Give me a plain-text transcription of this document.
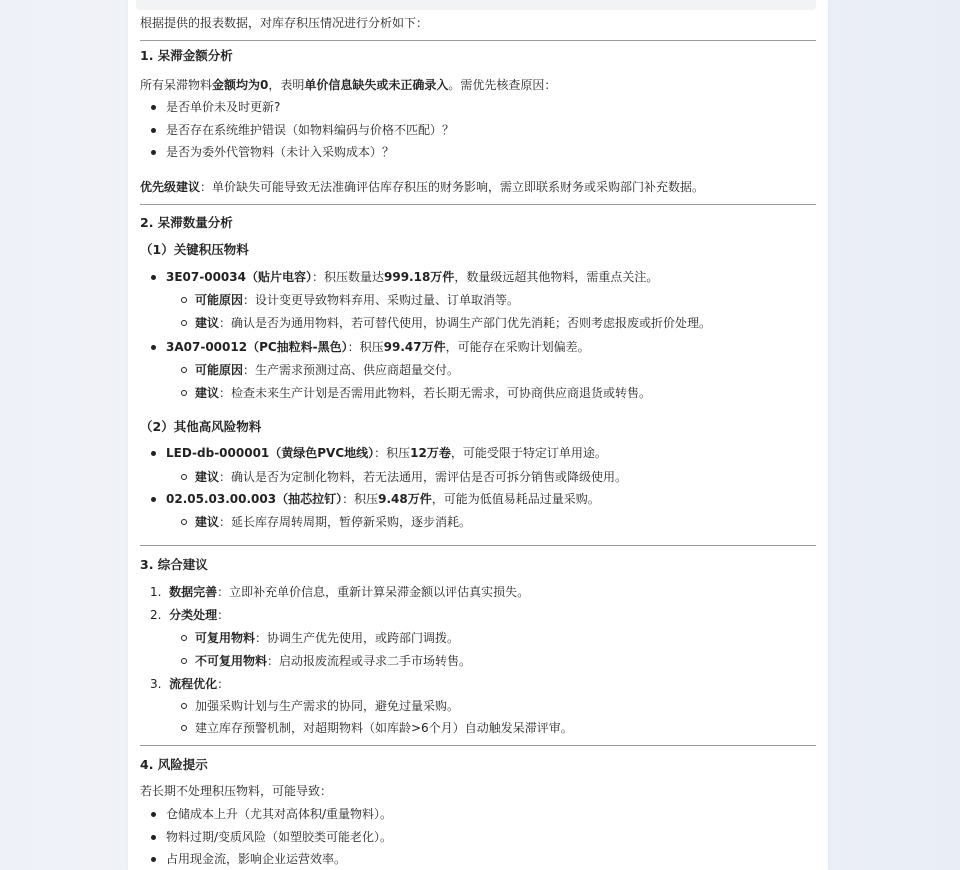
根据提供的报表数据，对库存积压情况进行分析如下：
1. 呆滞金额分析
所有呆滞物料金额均为0，表明单价信息缺失或未正确录入。需优先核查原因：
是否单价未及时更新?
是否存在系统维护错误（如物料编码与价格不匹配）？
是否为委外代管物料（未计入采购成本）？
优先级建议：单价缺失可能导致无法准确评估库存积压的财务影响，需立即联系财务或采购部门补充数据。
2. 呆滞数量分析
（1）关键积压物料
3E07-00034（贴片电容）：积压数量达999.18万件，数量级远超其他物料，需重点关注。
可能原因：设计变更导致物料弃用、采购过量、订单取消等。
建议：确认是否为通用物料，若可替代使用，协调生产部门优先消耗；否则考虑报废或折价处理。
3A07-00012（PC抽粒料-黑色）：积压99.47万件，可能存在采购计划偏差。
可能原因：生产需求预测过高、供应商超量交付。
建议：检查未来生产计划是否需用此物料，若长期无需求，可协商供应商退货或转售。
（2）其他高风险物料
LED-db-000001（黄绿色PVC地线）：积压12万卷，可能受限于特定订单用途。
建议：确认是否为定制化物料，若无法通用，需评估是否可拆分销售或降级使用。
02.05.03.00.003（抽芯拉钉）：积压9.48万件，可能为低值易耗品过量采购。
建议：延长库存周转周期，暂停新采购，逐步消耗。
3. 综合建议
1. 数据完善：立即补充单价信息，重新计算呆滞金额以评估真实损失。
2. 分类处理：
可复用物料：协调生产优先使用，或跨部门调拨。
不可复用物料：启动报废流程或寻求二手市场转售。
3. 流程优化：
加强采购计划与生产需求的协同，避免过量采购。
建立库存预警机制，对超期物料（如库龄>6个月）自动触发呆滞评审。
4. 风险提示
若长期不处理积压物料，可能导致：
仓储成本上升（尤其对高体积/重量物料）。
物料过期/变质风险（如塑胶类可能老化）。
占用现金流，影响企业运营效率。
